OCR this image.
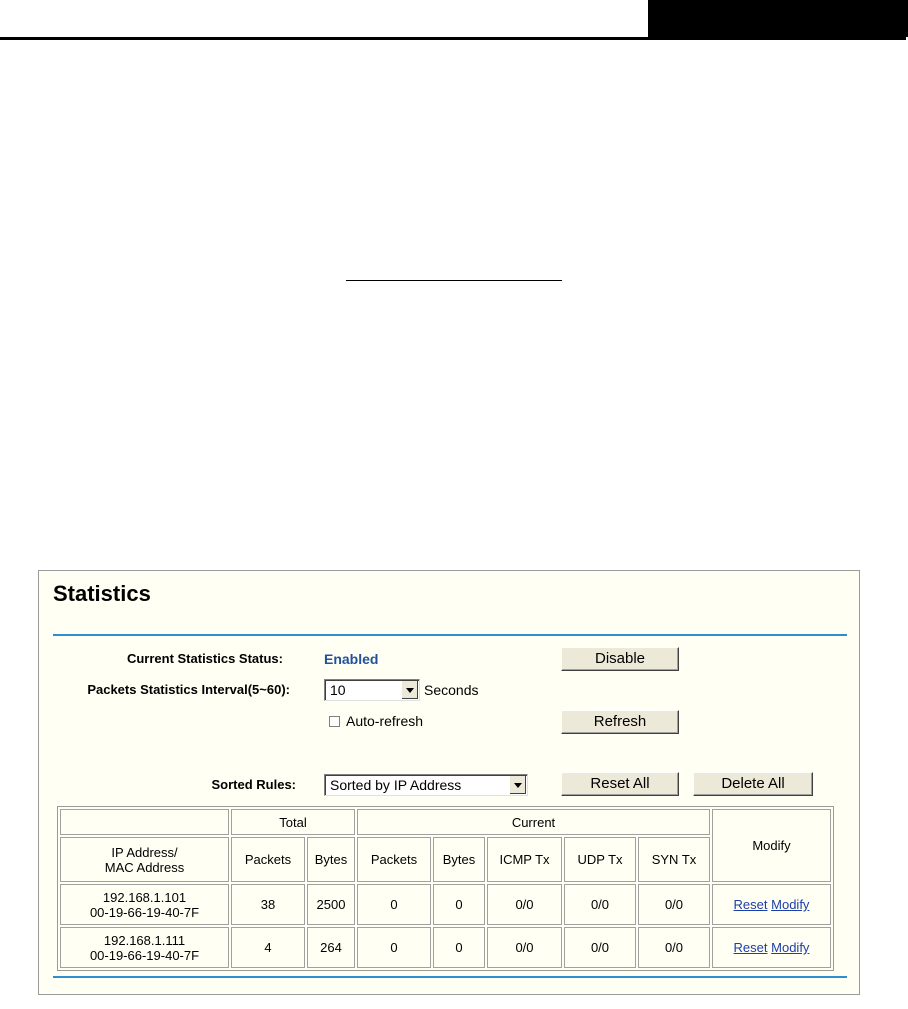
Statistics
Current Statistics Status:	Enabled	Disable
Packets Statistics Interval(5~60):	10	Seconds
Auto-refresh	Refresh
Sorted Rules:	Sorted by IP Address	Reset All	Delete All
	Total		Current					Modify
IP Address/
MAC Address	Packets	Bytes	Packets	Bytes	ICMP Tx	UDP Tx	SYN Tx	
192.168.1.101
00-19-66-19-40-7F	38	2500	0	0	0/0	0/0	0/0	Reset Modify
192.168.1.111
00-19-66-19-40-7F	4	264	0	0	0/0	0/0	0/0	Reset Modify
